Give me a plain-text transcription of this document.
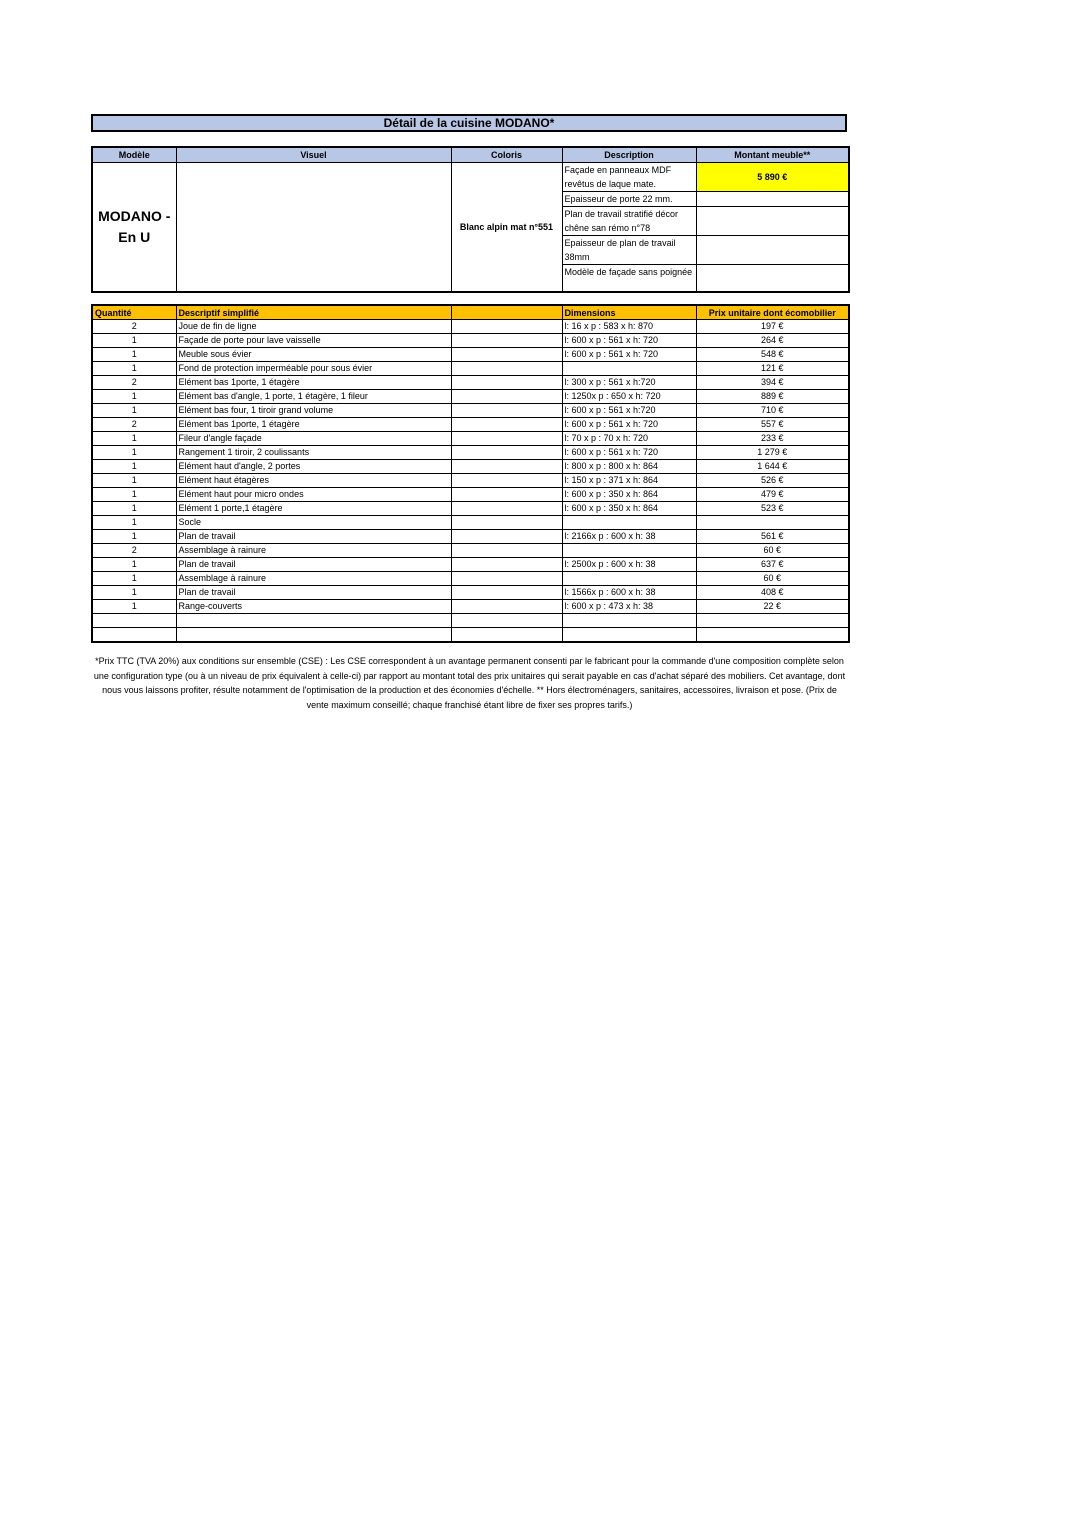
Détail de la cuisine MODANO*
Modèle	Visuel	Coloris	Description	Montant meuble**
MODANO - En U		Blanc alpin mat n°551	Façade en panneaux MDF revêtus de laque mate.	5 890 €
			Epaisseur de porte 22 mm.	
			Plan de travail stratifié décor chêne san rémo n°78	
			Epaisseur de plan de travail 38mm	
			Modèle de façade sans poignée	
Quantité	Descriptif simplifié		Dimensions	Prix unitaire dont écomobilier
2	Joue de fin de ligne		l: 16 x p : 583 x h: 870	197 €
1	Façade de porte pour lave vaisselle		l: 600 x p : 561 x h: 720	264 €
1	Meuble sous évier		l: 600 x p : 561 x h: 720	548 €
1	Fond de protection imperméable pour sous évier			121 €
2	Elément bas 1porte, 1 étagère		l: 300 x p : 561 x h:720	394 €
1	Elément bas d'angle, 1 porte, 1 étagère, 1 fileur		l: 1250x p : 650 x h: 720	889 €
1	Elément bas four, 1 tiroir grand volume		l: 600 x p : 561 x h:720	710 €
2	Elément bas 1porte, 1 étagère		l: 600 x p : 561 x h: 720	557 €
1	Fileur d'angle façade		l: 70 x p : 70 x h: 720	233 €
1	Rangement 1 tiroir, 2 coulissants		l: 600 x p : 561 x h: 720	1 279 €
1	Elément haut d'angle, 2 portes		l: 800 x p : 800 x h: 864	1 644 €
1	Elément haut étagères		l: 150 x p : 371 x h: 864	526 €
1	Elément haut pour micro ondes		l: 600 x p : 350 x h: 864	479 €
1	Elément 1 porte,1 étagère		l: 600 x p : 350 x h: 864	523 €
1	Socle			
1	Plan de travail		l: 2166x p : 600 x h: 38	561 €
2	Assemblage à rainure			60 €
1	Plan de travail		l: 2500x p : 600 x h: 38	637 €
1	Assemblage à rainure			60 €
1	Plan de travail		l: 1566x p : 600 x h: 38	408 €
1	Range-couverts		l: 600 x p : 473 x h: 38	22 €

*Prix TTC (TVA 20%) aux conditions sur ensemble (CSE) : Les CSE correspondent à un avantage permanent consenti par le fabricant pour la commande d'une composition complète selon une configuration type (ou à un niveau de prix équivalent à celle-ci) par rapport au montant total des prix unitaires qui serait payable en cas d'achat séparé des mobiliers. Cet avantage, dont nous vous laissons profiter, résulte notamment de l'optimisation de la production et des économies d'échelle. ** Hors électroménagers, sanitaires, accessoires, livraison et pose. (Prix de vente maximum conseillé; chaque franchisé étant libre de fixer ses propres tarifs.)
